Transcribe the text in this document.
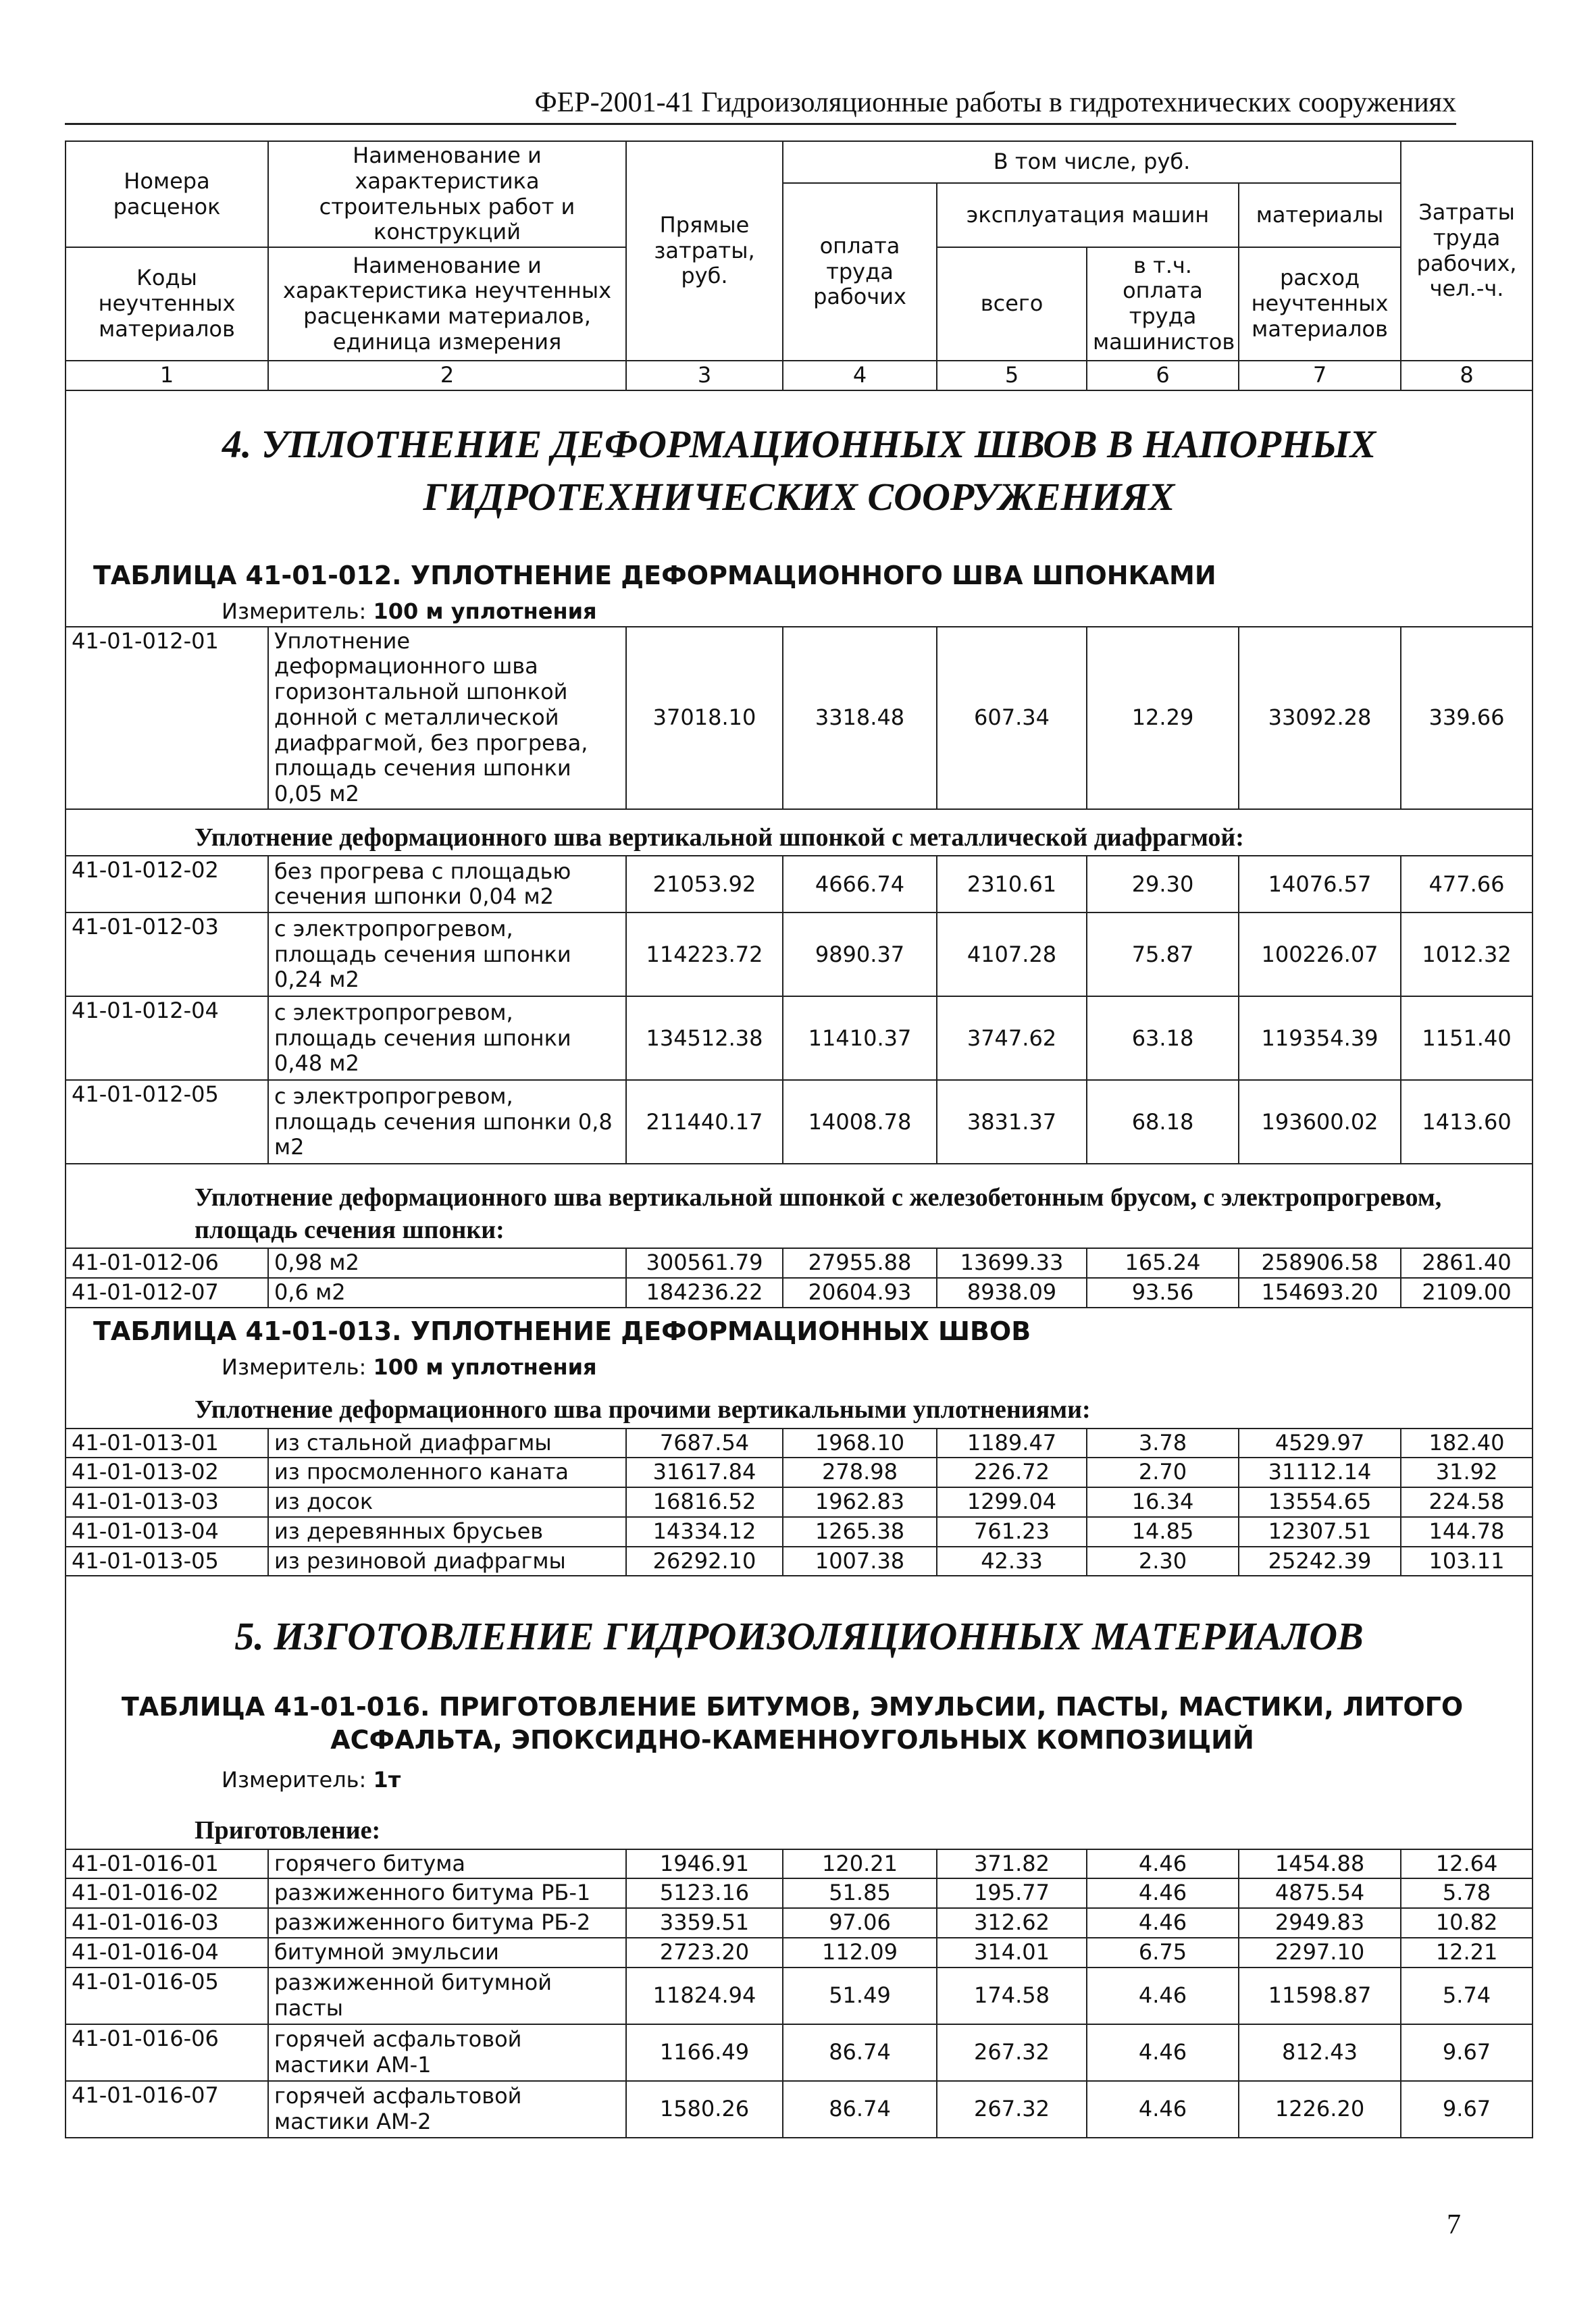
ФЕР-2001-41 Гидроизоляционные работы в гидротехнических сооружениях
Номера расценок	Наименование и характеристика строительных работ и конструкций	Прямые затраты, руб.	В том числе, руб.				Затраты труда рабочих, чел.-ч.
			оплата труда рабочих	эксплуатация машин		материалы	
Коды неучтенных материалов	Наименование и характеристика неучтенных расценками материалов, единица измерения			всего	в т.ч. оплата труда машинистов	расход неучтенных материалов	

1	2	3	4	5	6	7	8

4. УПЛОТНЕНИЕ ДЕФОРМАЦИОННЫХ ШВОВ В НАПОРНЫХ ГИДРОТЕХНИЧЕСКИХ СООРУЖЕНИЯХ
ТАБЛИЦА 41-01-012. УПЛОТНЕНИЕ ДЕФОРМАЦИОННОГО ШВА ШПОНКАМИ
Измеритель: 100 м уплотнения							

41-01-012-01	Уплотнение деформационного шва горизонтальной шпонкой донной с металлической диафрагмой, без прогрева, площадь сечения шпонки 0,05 м2	37018.10	3318.48	607.34	12.29	33092.28	339.66

Уплотнение деформационного шва вертикальной шпонкой с металлической диафрагмой:							

41-01-012-02	без прогрева с площадью сечения шпонки 0,04 м2	21053.92	4666.74	2310.61	29.30	14076.57	477.66
41-01-012-03	с электропрогревом, площадь сечения шпонки 0,24 м2	114223.72	9890.37	4107.28	75.87	100226.07	1012.32
41-01-012-04	с электропрогревом, площадь сечения шпонки 0,48 м2	134512.38	11410.37	3747.62	63.18	119354.39	1151.40
41-01-012-05	с электропрогревом, площадь сечения шпонки 0,8 м2	211440.17	14008.78	3831.37	68.18	193600.02	1413.60

Уплотнение деформационного шва вертикальной шпонкой с железобетонным брусом, с электропрогревом, площадь сечения шпонки:							

41-01-012-06	0,98 м2	300561.79	27955.88	13699.33	165.24	258906.58	2861.40
41-01-012-07	0,6 м2	184236.22	20604.93	8938.09	93.56	154693.20	2109.00

ТАБЛИЦА 41-01-013. УПЛОТНЕНИЕ ДЕФОРМАЦИОННЫХ ШВОВ
Измеритель: 100 м уплотнения
Уплотнение деформационного шва прочими вертикальными уплотнениями:							

41-01-013-01	из стальной диафрагмы	7687.54	1968.10	1189.47	3.78	4529.97	182.40
41-01-013-02	из просмоленного каната	31617.84	278.98	226.72	2.70	31112.14	31.92
41-01-013-03	из досок	16816.52	1962.83	1299.04	16.34	13554.65	224.58
41-01-013-04	из деревянных брусьев	14334.12	1265.38	761.23	14.85	12307.51	144.78
41-01-013-05	из резиновой диафрагмы	26292.10	1007.38	42.33	2.30	25242.39	103.11

5. ИЗГОТОВЛЕНИЕ ГИДРОИЗОЛЯЦИОННЫХ МАТЕРИАЛОВ
ТАБЛИЦА 41-01-016. ПРИГОТОВЛЕНИЕ БИТУМОВ, ЭМУЛЬСИИ, ПАСТЫ, МАСТИКИ, ЛИТОГО АСФАЛЬТА, ЭПОКСИДНО-КАМЕННОУГОЛЬНЫХ КОМПОЗИЦИЙ
Измеритель: 1т
Приготовление:							

41-01-016-01	горячего битума	1946.91	120.21	371.82	4.46	1454.88	12.64
41-01-016-02	разжиженного битума РБ-1	5123.16	51.85	195.77	4.46	4875.54	5.78
41-01-016-03	разжиженного битума РБ-2	3359.51	97.06	312.62	4.46	2949.83	10.82
41-01-016-04	битумной эмульсии	2723.20	112.09	314.01	6.75	2297.10	12.21
41-01-016-05	разжиженной битумной пасты	11824.94	51.49	174.58	4.46	11598.87	5.74
41-01-016-06	горячей асфальтовой мастики АМ-1	1166.49	86.74	267.32	4.46	812.43	9.67
41-01-016-07	горячей асфальтовой мастики АМ-2	1580.26	86.74	267.32	4.46	1226.20	9.67
7
